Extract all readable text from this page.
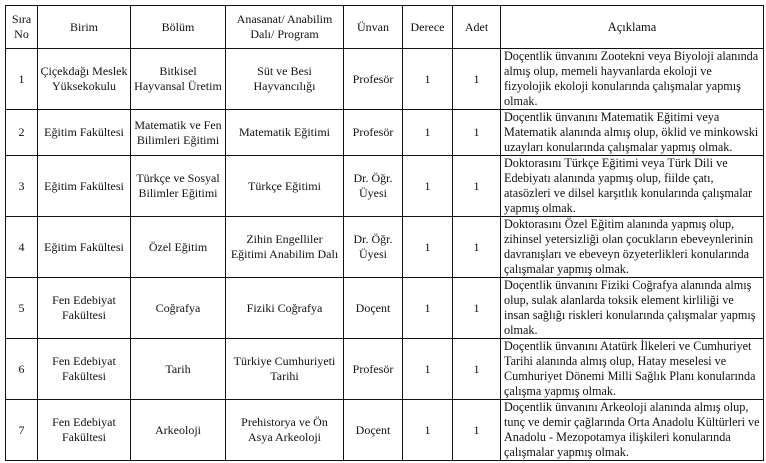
Sıra No	Birim	Bölüm	Anasanat/ Anabilim Dalı/ Program	Ünvan	Derece	Adet	Açıklama

1	Çiçekdağı Meslek Yüksekokulu	Bitkisel Hayvansal Üretim	Süt ve Besi Hayvancılığı	Profesör	1	1	Doçentlik ünvanını Zootekni veya Biyoloji alanında almış olup, memeli hayvanlarda ekoloji ve fizyolojik ekoloji konularında çalışmalar yapmış olmak.

2	Eğitim Fakültesi	Matematik ve Fen Bilimleri Eğitimi	Matematik Eğitimi	Profesör	1	1	Doçentlik ünvanını Matematik Eğitimi veya Matematik alanında almış olup, öklid ve minkowski uzayları konularında çalışmalar yapmış olmak.

3	Eğitim Fakültesi	Türkçe ve Sosyal Bilimler Eğitimi	Türkçe Eğitimi	Dr. Öğr. Üyesi	1	1	Doktorasını Türkçe Eğitimi veya Türk Dili ve Edebiyatı alanında yapmış olup, fiilde çatı, atasözleri ve dilsel karşıtlık konularında çalışmalar yapmış olmak.

4	Eğitim Fakültesi	Özel Eğitim	Zihin Engelliler Eğitimi Anabilim Dalı	Dr. Öğr. Üyesi	1	1	Doktorasını Özel Eğitim alanında yapmış olup, zihinsel yetersizliği olan çocukların ebeveynlerinin davranışları ve ebeveyn özyeterlikleri konularında çalışmalar yapmış olmak.

5	Fen Edebiyat Fakültesi	Coğrafya	Fiziki Coğrafya	Doçent	1	1	Doçentlik ünvanını Fiziki Coğrafya alanında almış olup, sulak alanlarda toksik element kirliliği ve insan sağlığı riskleri konularında çalışmalar yapmış olmak.

6	Fen Edebiyat Fakültesi	Tarih	Türkiye Cumhuriyeti Tarihi	Profesör	1	1	Doçentlik ünvanını Atatürk İlkeleri ve Cumhuriyet Tarihi alanında almış olup, Hatay meselesi ve Cumhuriyet Dönemi Milli Sağlık Planı konularında çalışma yapmış olmak.

7	Fen Edebiyat Fakültesi	Arkeoloji	Prehistorya ve Ön Asya Arkeoloji	Doçent	1	1	Doçentlik ünvanını Arkeoloji alanında almış olup, tunç ve demir çağlarında Orta Anadolu Kültürleri ve Anadolu - Mezopotamya ilişkileri konularında çalışmalar yapmış olmak.
